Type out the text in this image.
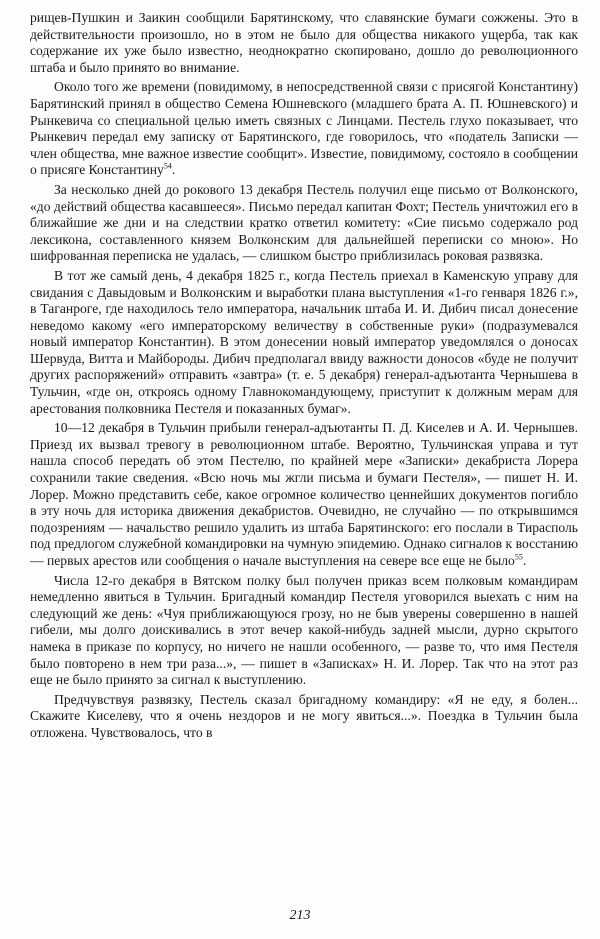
рищев-Пушкин и Заикин сообщили Барятинскому, что славянские бумаги сожжены. Это в действительности произошло, но в этом не было для общества никакого ущерба, так как содержание их уже было известно, неоднократно скопировано, дошло до революционного штаба и было принято во внимание.

Около того же времени (повидимому, в непосредственной связи с присягой Константину) Барятинский принял в общество Семена Юшневского (младшего брата А. П. Юшневского) и Рынкевича со специальной целью иметь связных с Линцами. Пестель глухо показывает, что Рынкевич передал ему записку от Барятинского, где говорилось, что «податель Записки — член общества, мне важное известие сообщит». Известие, повидимому, состояло в сообщении о присяге Константину$^{54}$.

За несколько дней до рокового 13 декабря Пестель получил еще письмо от Волконского, «до действий общества касавшееся». Письмо передал капитан Фохт; Пестель уничтожил его в ближайшие же дни и на следствии кратко ответил комитету: «Сие письмо содержало род лексикона, составленного князем Волконским для дальнейшей переписки со мною». Но шифрованная переписка не удалась, — слишком быстро приблизилась роковая развязка.

В тот же самый день, 4 декабря 1825 г., когда Пестель приехал в Каменскую управу для свидания с Давыдовым и Волконским и выработки плана выступления «1-го генваря 1826 г.», в Таганроге, где находилось тело императора, начальник штаба И. И. Дибич писал донесение неведомо какому «его императорскому величеству в собственные руки» (подразумевался новый император Константин). В этом донесении новый император уведомлялся о доносах Шервуда, Витта и Майбороды. Дибич предполагал ввиду важности доносов «буде не получит других распоряжений» отправить «завтра» (т. е. 5 декабря) генерал-адъютанта Чернышева в Тульчин, «где он, откроясь одному Главнокомандующему, приступит к должным мерам для арестования полковника Пестеля и показанных бумаг».

10—12 декабря в Тульчин прибыли генерал-адъютанты П. Д. Киселев и А. И. Чернышев. Приезд их вызвал тревогу в революционном штабе. Вероятно, Тульчинская управа и тут нашла способ передать об этом Пестелю, по крайней мере «Записки» декабриста Лорера сохранили такие сведения. «Всю ночь мы жгли письма и бумаги Пестеля», — пишет Н. И. Лорер. Можно представить себе, какое огромное количество ценнейших документов погибло в эту ночь для историка движения декабристов. Очевидно, не случайно — по открывшимся подозрениям — начальство решило удалить из штаба Барятинского: его послали в Тирасполь под предлогом служебной командировки на чумную эпидемию. Однако сигналов к восстанию — первых арестов или сообщения о начале выступления на севере все еще не было$^{55}$.

Числа 12-го декабря в Вятском полку был получен приказ всем полковым командирам немедленно явиться в Тульчин. Бригадный командир Пестеля уговорился выехать с ним на следующий же день: «Чуя приближающуюся грозу, но не быв уверены совершенно в нашей гибели, мы долго доискивались в этот вечер какой-нибудь задней мысли, дурно скрытого намека в приказе по корпусу, но ничего не нашли особенного, — разве то, что имя Пестеля было повторено в нем три раза...», — пишет в «Записках» Н. И. Лорер. Так что на этот раз еще не было принято за сигнал к выступлению.

Предчувствуя развязку, Пестель сказал бригадному командиру: «Я не еду, я болен... Скажите Киселеву, что я очень нездоров и не могу явиться...». Поездка в Тульчин была отложена. Чувствовалось, что в

213
